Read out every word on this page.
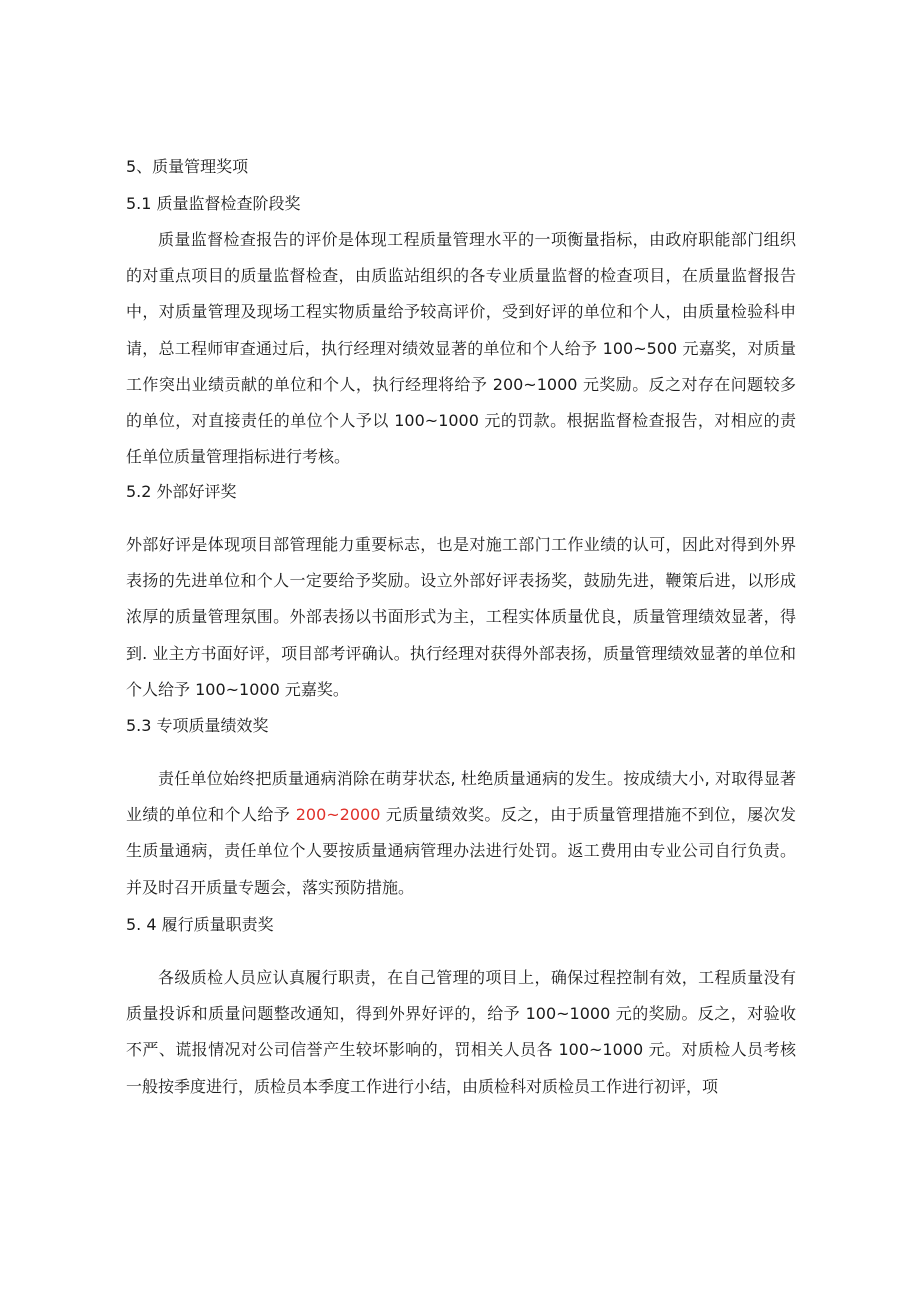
5、质量管理奖项
5.1 质量监督检查阶段奖

质量监督检查报告的评价是体现工程质量管理水平的一项衡量指标，由政府职能部门组织的对重点项目的质量监督检查，由质监站组织的各专业质量监督的检查项目，在质量监督报告中，对质量管理及现场工程实物质量给予较高评价，受到好评的单位和个人，由质量检验科申请，总工程师审查通过后，执行经理对绩效显著的单位和个人给予 100~500 元嘉奖，对质量工作突出业绩贡献的单位和个人，执行经理将给予 200~1000 元奖励。反之对存在问题较多的单位，对直接责任的单位个人予以 100~1000 元的罚款。根据监督检查报告，对相应的责任单位质量管理指标进行考核。

5.2 外部好评奖

外部好评是体现项目部管理能力重要标志，也是对施工部门工作业绩的认可，因此对得到外界表扬的先进单位和个人一定要给予奖励。设立外部好评表扬奖，鼓励先进，鞭策后进，以形成浓厚的质量管理氛围。外部表扬以书面形式为主，工程实体质量优良，质量管理绩效显著，得到. 业主方书面好评，项目部考评确认。执行经理对获得外部表扬，质量管理绩效显著的单位和个人给予 100~1000 元嘉奖。

5.3 专项质量绩效奖

责任单位始终把质量通病消除在萌芽状态, 杜绝质量通病的发生。按成绩大小, 对取得显著业绩的单位和个人给予 200~2000 元质量绩效奖。反之，由于质量管理措施不到位，屡次发生质量通病，责任单位个人要按质量通病管理办法进行处罚。返工费用由专业公司自行负责。并及时召开质量专题会，落实预防措施。

5. 4 履行质量职责奖

各级质检人员应认真履行职责，在自己管理的项目上，确保过程控制有效，工程质量没有质量投诉和质量问题整改通知，得到外界好评的，给予 100~1000 元的奖励。反之，对验收不严、谎报情况对公司信誉产生较坏影响的，罚相关人员各 100~1000 元。对质检人员考核一般按季度进行，质检员本季度工作进行小结，由质检科对质检员工作进行初评，项
